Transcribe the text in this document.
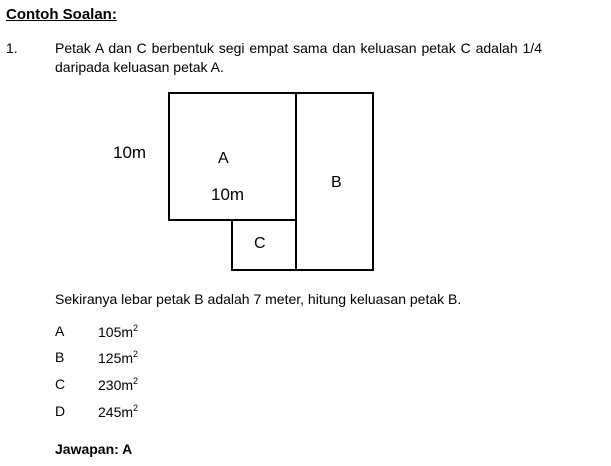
Contoh Soalan:
1.	Petak A dan C berbentuk segi empat sama dan keluasan petak C adalah 1/4
daripada keluasan petak A.
10m	A
10m
B
C
Sekiranya lebar petak B adalah 7 meter, hitung keluasan petak B.
A $105m^2$
B $125m^2$
C $230m^2$
D $245m^2$
Jawapan: A
